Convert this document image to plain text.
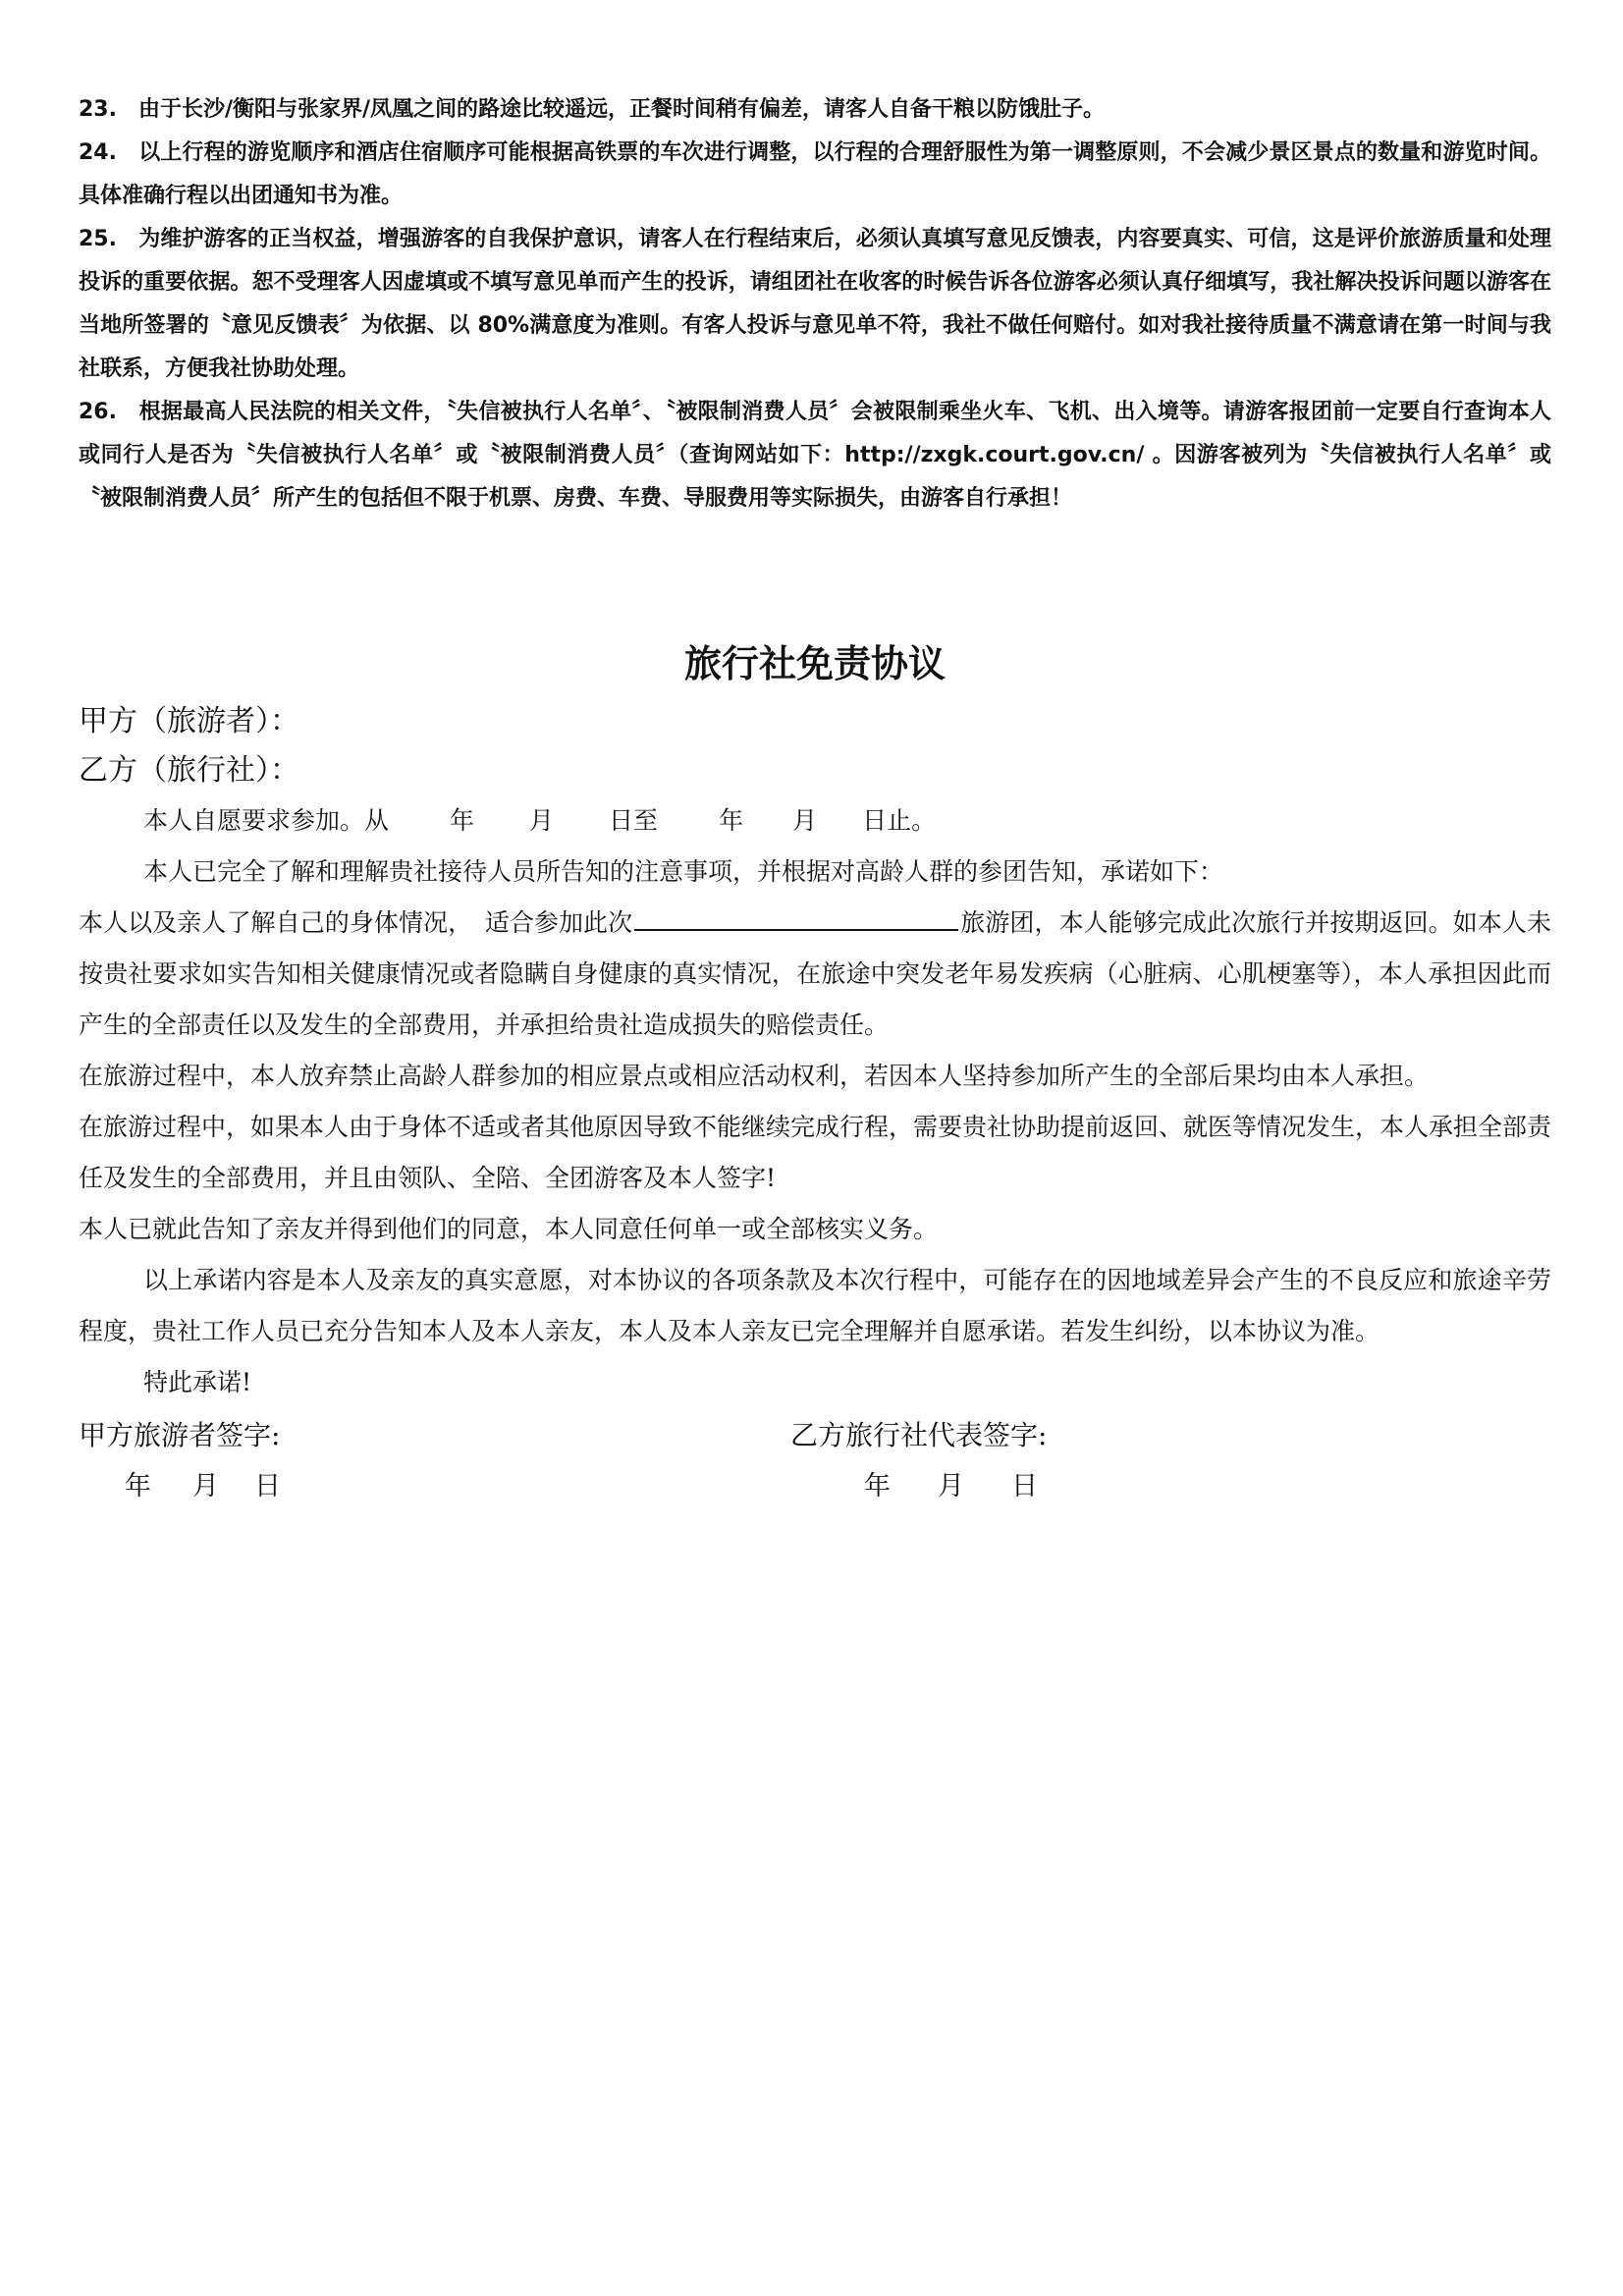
23.　由于长沙/衡阳与张家界/凤凰之间的路途比较遥远，正餐时间稍有偏差，请客人自备干粮以防饿肚子。

24.　以上行程的游览顺序和酒店住宿顺序可能根据高铁票的车次进行调整，以行程的合理舒服性为第一调整原则，不会减少景区景点的数量和游览时间。具体准确行程以出团通知书为准。

25.　为维护游客的正当权益，增强游客的自我保护意识，请客人在行程结束后，必须认真填写意见反馈表，内容要真实、可信，这是评价旅游质量和处理投诉的重要依据。恕不受理客人因虚填或不填写意见单而产生的投诉，请组团社在收客的时候告诉各位游客必须认真仔细填写，我社解决投诉问题以游客在当地所签署的〝意见反馈表〞为依据、以 80%满意度为准则。有客人投诉与意见单不符，我社不做任何赔付。如对我社接待质量不满意请在第一时间与我社联系，方便我社协助处理。

26.　根据最高人民法院的相关文件，〝失信被执行人名单〞、〝被限制消费人员〞会被限制乘坐火车、飞机、出入境等。请游客报团前一定要自行查询本人或同行人是否为〝失信被执行人名单〞或〝被限制消费人员〞（查询网站如下：http://zxgk.court.gov.cn/ 。因游客被列为〝失信被执行人名单〞或〝被限制消费人员〞所产生的包括但不限于机票、房费、车费、导服费用等实际损失，由游客自行承担！

旅行社免责协议

甲方（旅游者）：

乙方（旅行社）：

本人自愿要求参加。从 年 月 日至 年 月 日止。

本人已完全了解和理解贵社接待人员所告知的注意事项，并根据对高龄人群的参团告知，承诺如下：

本人以及亲人了解自己的身体情况，　适合参加此次	旅游团，本人能够完成此次旅行并按期返回。如本人未按贵社要求如实告知相关健康情况或者隐瞒自身健康的真实情况，在旅途中突发老年易发疾病（心脏病、心肌梗塞等），本人承担因此而产生的全部责任以及发生的全部费用，并承担给贵社造成损失的赔偿责任。

在旅游过程中，本人放弃禁止高龄人群参加的相应景点或相应活动权利，若因本人坚持参加所产生的全部后果均由本人承担。

在旅游过程中，如果本人由于身体不适或者其他原因导致不能继续完成行程，需要贵社协助提前返回、就医等情况发生，本人承担全部责任及发生的全部费用，并且由领队、全陪、全团游客及本人签字!

本人已就此告知了亲友并得到他们的同意，本人同意任何单一或全部核实义务。

以上承诺内容是本人及亲友的真实意愿，对本协议的各项条款及本次行程中，可能存在的因地域差异会产生的不良反应和旅途辛劳程度，贵社工作人员已充分告知本人及本人亲友，本人及本人亲友已完全理解并自愿承诺。若发生纠纷，以本协议为准。

特此承诺!

甲方旅游者签字:	乙方旅行社代表签字:
年 月 日	年 月 日
